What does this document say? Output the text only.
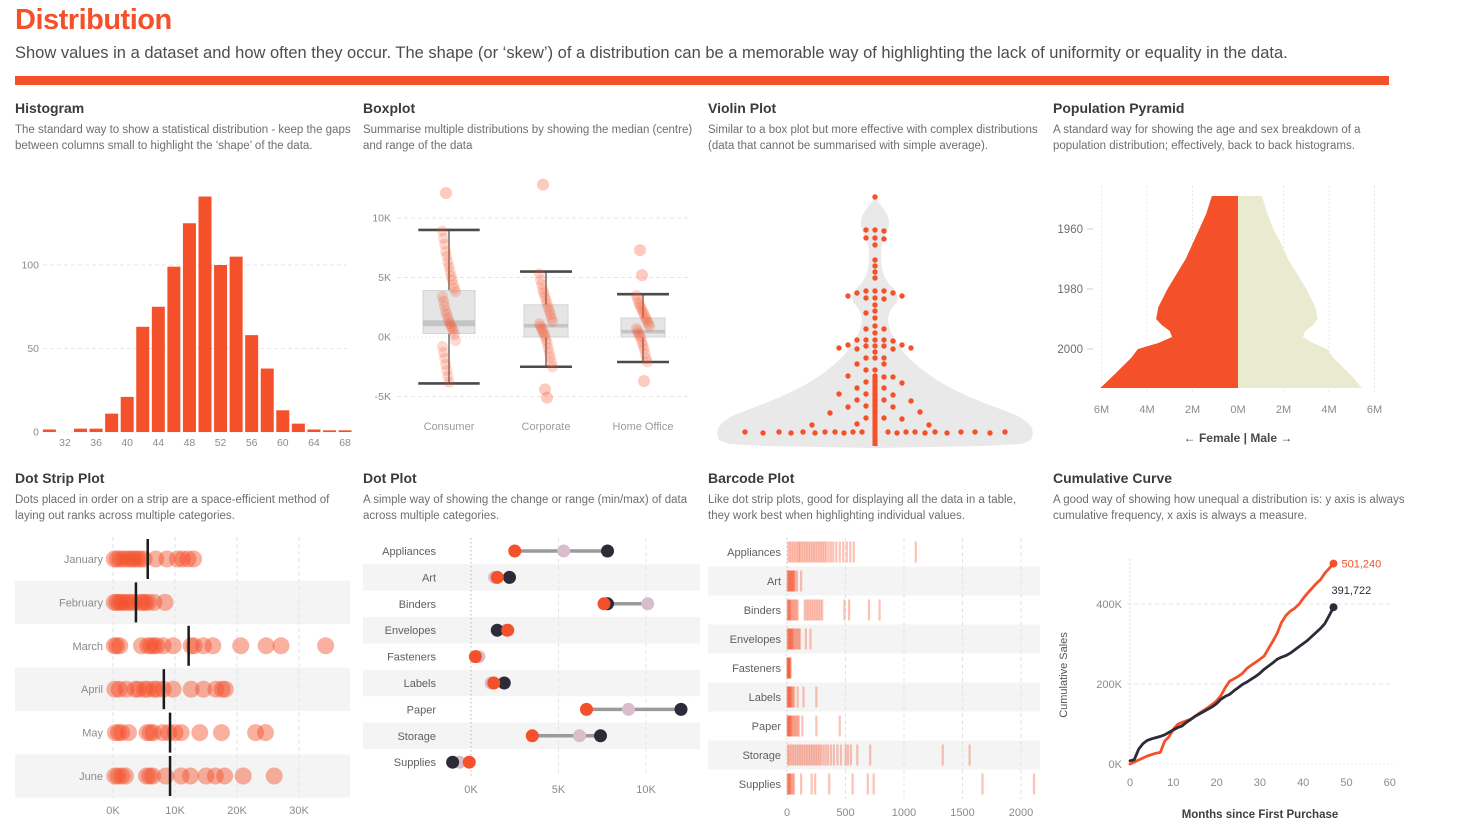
Distribution

Show values in a dataset and how often they occur. The shape (or ‘skew’) of a distribution can be a memorable way of highlighting the lack of uniformity or equality in the data.

Histogram

The standard way to show a statistical distribution - keep the gaps between columns small to highlight the ‘shape’ of the data.

0
50
100
32 36 40 44 48 52 56 60 64 68
Boxplot

Summarise multiple distributions by showing the median (centre) and range of the data

-5K
0K
5K
10K
Consumer	Corporate	Home Office
Violin Plot

Similar to a box plot but more effective with complex distributions (data that cannot be summarised with simple average).

Population Pyramid

A standard way for showing the age and sex breakdown of a population distribution; effectively, back to back histograms.

6M	4M	2M	0M	2M	4M	6M
1960
1980
2000
← Female | Male →
Dot Strip Plot

Dots placed in order on a strip are a space-efficient method of laying out ranks across multiple categories.

0K	10K	20K	30K
January
February
March
April
May
June
Dot Plot

A simple way of showing the change or range (min/max) of data across multiple categories.

0K	5K	10K
Appliances
Art
Binders
Envelopes
Fasteners
Labels
Paper
Storage
Supplies
Barcode Plot

Like dot strip plots, good for displaying all the data in a table, they work best when highlighting individual values.

0	500	1000	1500	2000
Appliances
Art
Binders
Envelopes
Fasteners
Labels
Paper
Storage
Supplies
Cumulative Curve

A good way of showing how unequal a distribution is: y axis is always cumulative frequency, x axis is always a measure.

0K
200K
400K
0	10	20	30	40	50	60
501,240
391,722
Cumulative Sales
Months since First Purchase
